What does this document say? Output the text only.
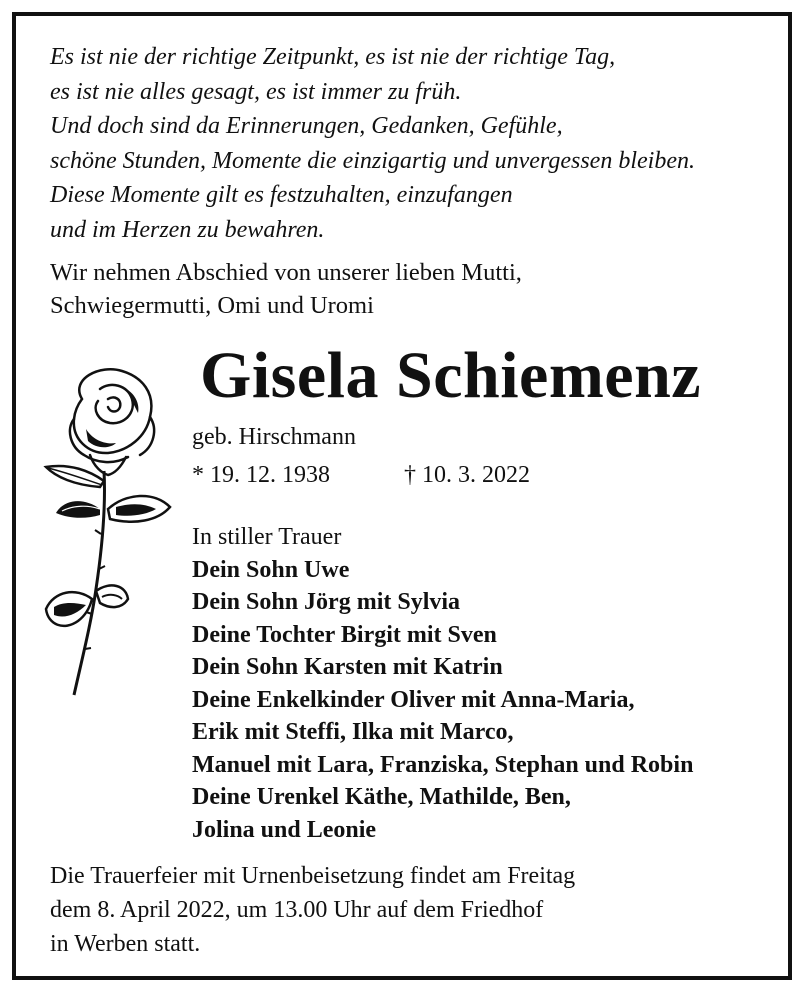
Es ist nie der richtige Zeitpunkt, es ist nie der richtige Tag,
es ist nie alles gesagt, es ist immer zu früh.
Und doch sind da Erinnerungen, Gedanken, Gefühle,
schöne Stunden, Momente die einzigartig und unvergessen bleiben.
Diese Momente gilt es festzuhalten, einzufangen
und im Herzen zu bewahren.
Wir nehmen Abschied von unserer lieben Mutti,
Schwiegermutti, Omi und Uromi
Gisela Schiemenz
geb. Hirschmann
* 19. 12. 1938	† 10. 3. 2022
In stiller Trauer
Dein Sohn Uwe
Dein Sohn Jörg mit Sylvia
Deine Tochter Birgit mit Sven
Dein Sohn Karsten mit Katrin
Deine Enkelkinder Oliver mit Anna-Maria,
Erik mit Steffi, Ilka mit Marco,
Manuel mit Lara, Franziska, Stephan und Robin
Deine Urenkel Käthe, Mathilde, Ben,
Jolina und Leonie
Die Trauerfeier mit Urnenbeisetzung findet am Freitag
dem 8. April 2022, um 13.00 Uhr auf dem Friedhof
in Werben statt.
